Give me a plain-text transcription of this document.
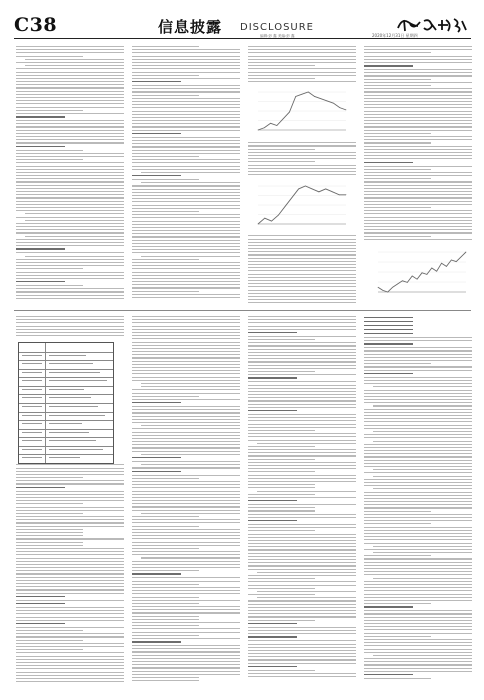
C38	信息披露 DISCLOSURE
编辑:彭 鑫 美编:彭 鑫	2020年12月31日 星期四
